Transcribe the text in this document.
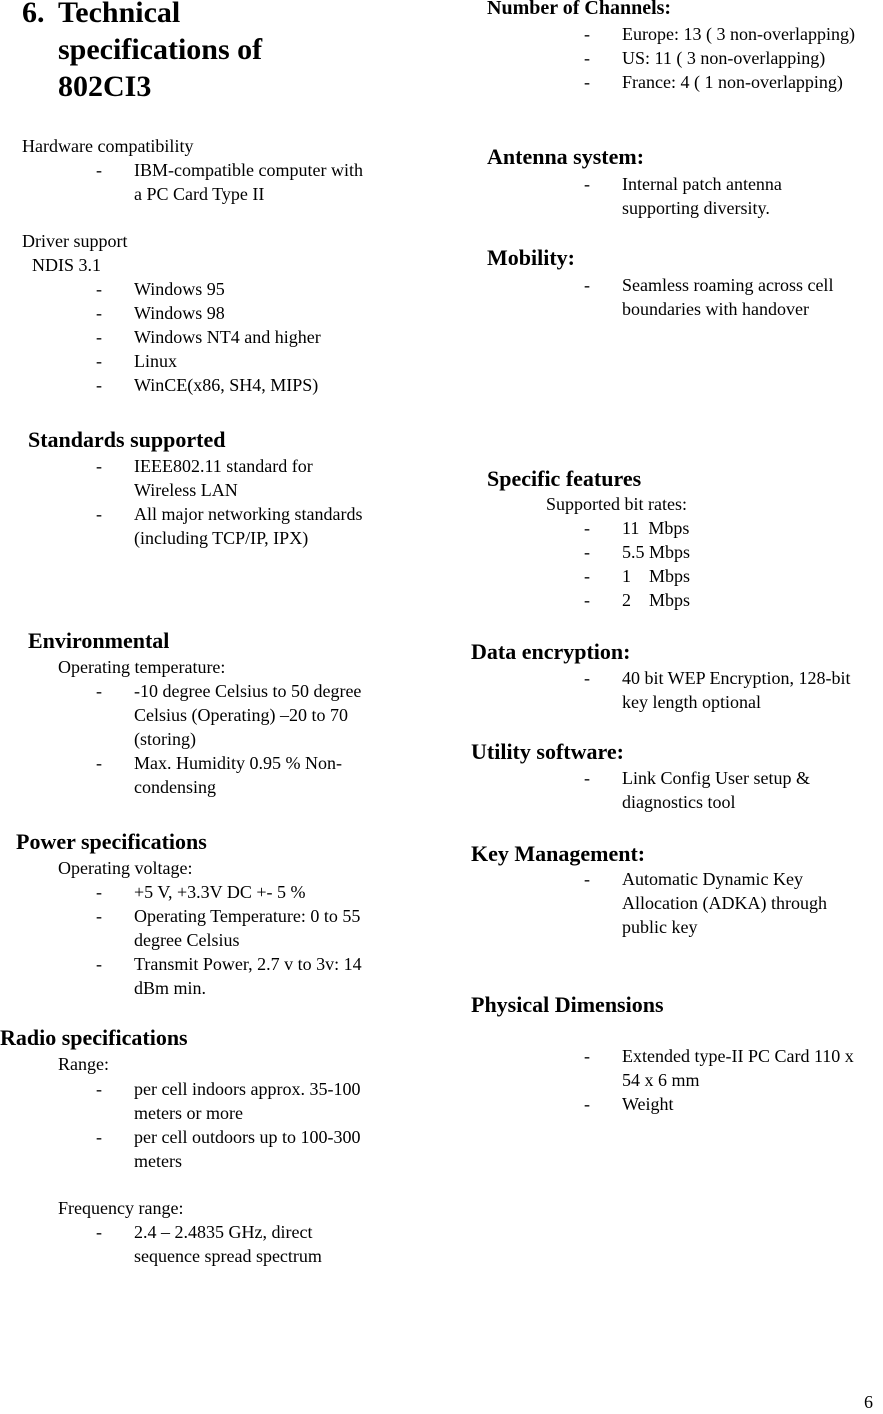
6. Technical specifications of 802CI3
Hardware compatibility
- IBM-compatible computer with a PC Card Type II
Driver support
NDIS 3.1
- Windows 95
- Windows 98
- Windows NT4 and higher
- Linux
- WinCE(x86, SH4, MIPS)
Standards supported
- IEEE802.11 standard for Wireless LAN
- All major networking standards (including TCP/IP, IPX)
Environmental
Operating temperature:
- -10 degree Celsius to 50 degree Celsius (Operating) –20 to 70 (storing)
- Max. Humidity 0.95 % Non-condensing
Power specifications
Operating voltage:
- +5 V, +3.3V DC +- 5 %
- Operating Temperature: 0 to 55 degree Celsius
- Transmit Power, 2.7 v to 3v: 14 dBm min.
Radio specifications
Range:
- per cell indoors approx. 35-100 meters or more
- per cell outdoors up to 100-300 meters
Frequency range:
- 2.4 – 2.4835 GHz, direct sequence spread spectrum
Number of Channels:
- Europe: 13 ( 3 non-overlapping)
- US: 11 ( 3 non-overlapping)
- France: 4 ( 1 non-overlapping)
Antenna system:
- Internal patch antenna supporting diversity.
Mobility:
- Seamless roaming across cell boundaries with handover
Specific features
Supported bit rates:
- 11  Mbps
- 5.5 Mbps
- 1    Mbps
- 2    Mbps
Data encryption:
- 40 bit WEP Encryption, 128-bit key length optional
Utility software:
- Link Config User setup & diagnostics tool
Key Management:
- Automatic Dynamic Key Allocation (ADKA) through public key
Physical Dimensions
- Extended type-II PC Card 110 x 54 x 6 mm
- Weight
6
